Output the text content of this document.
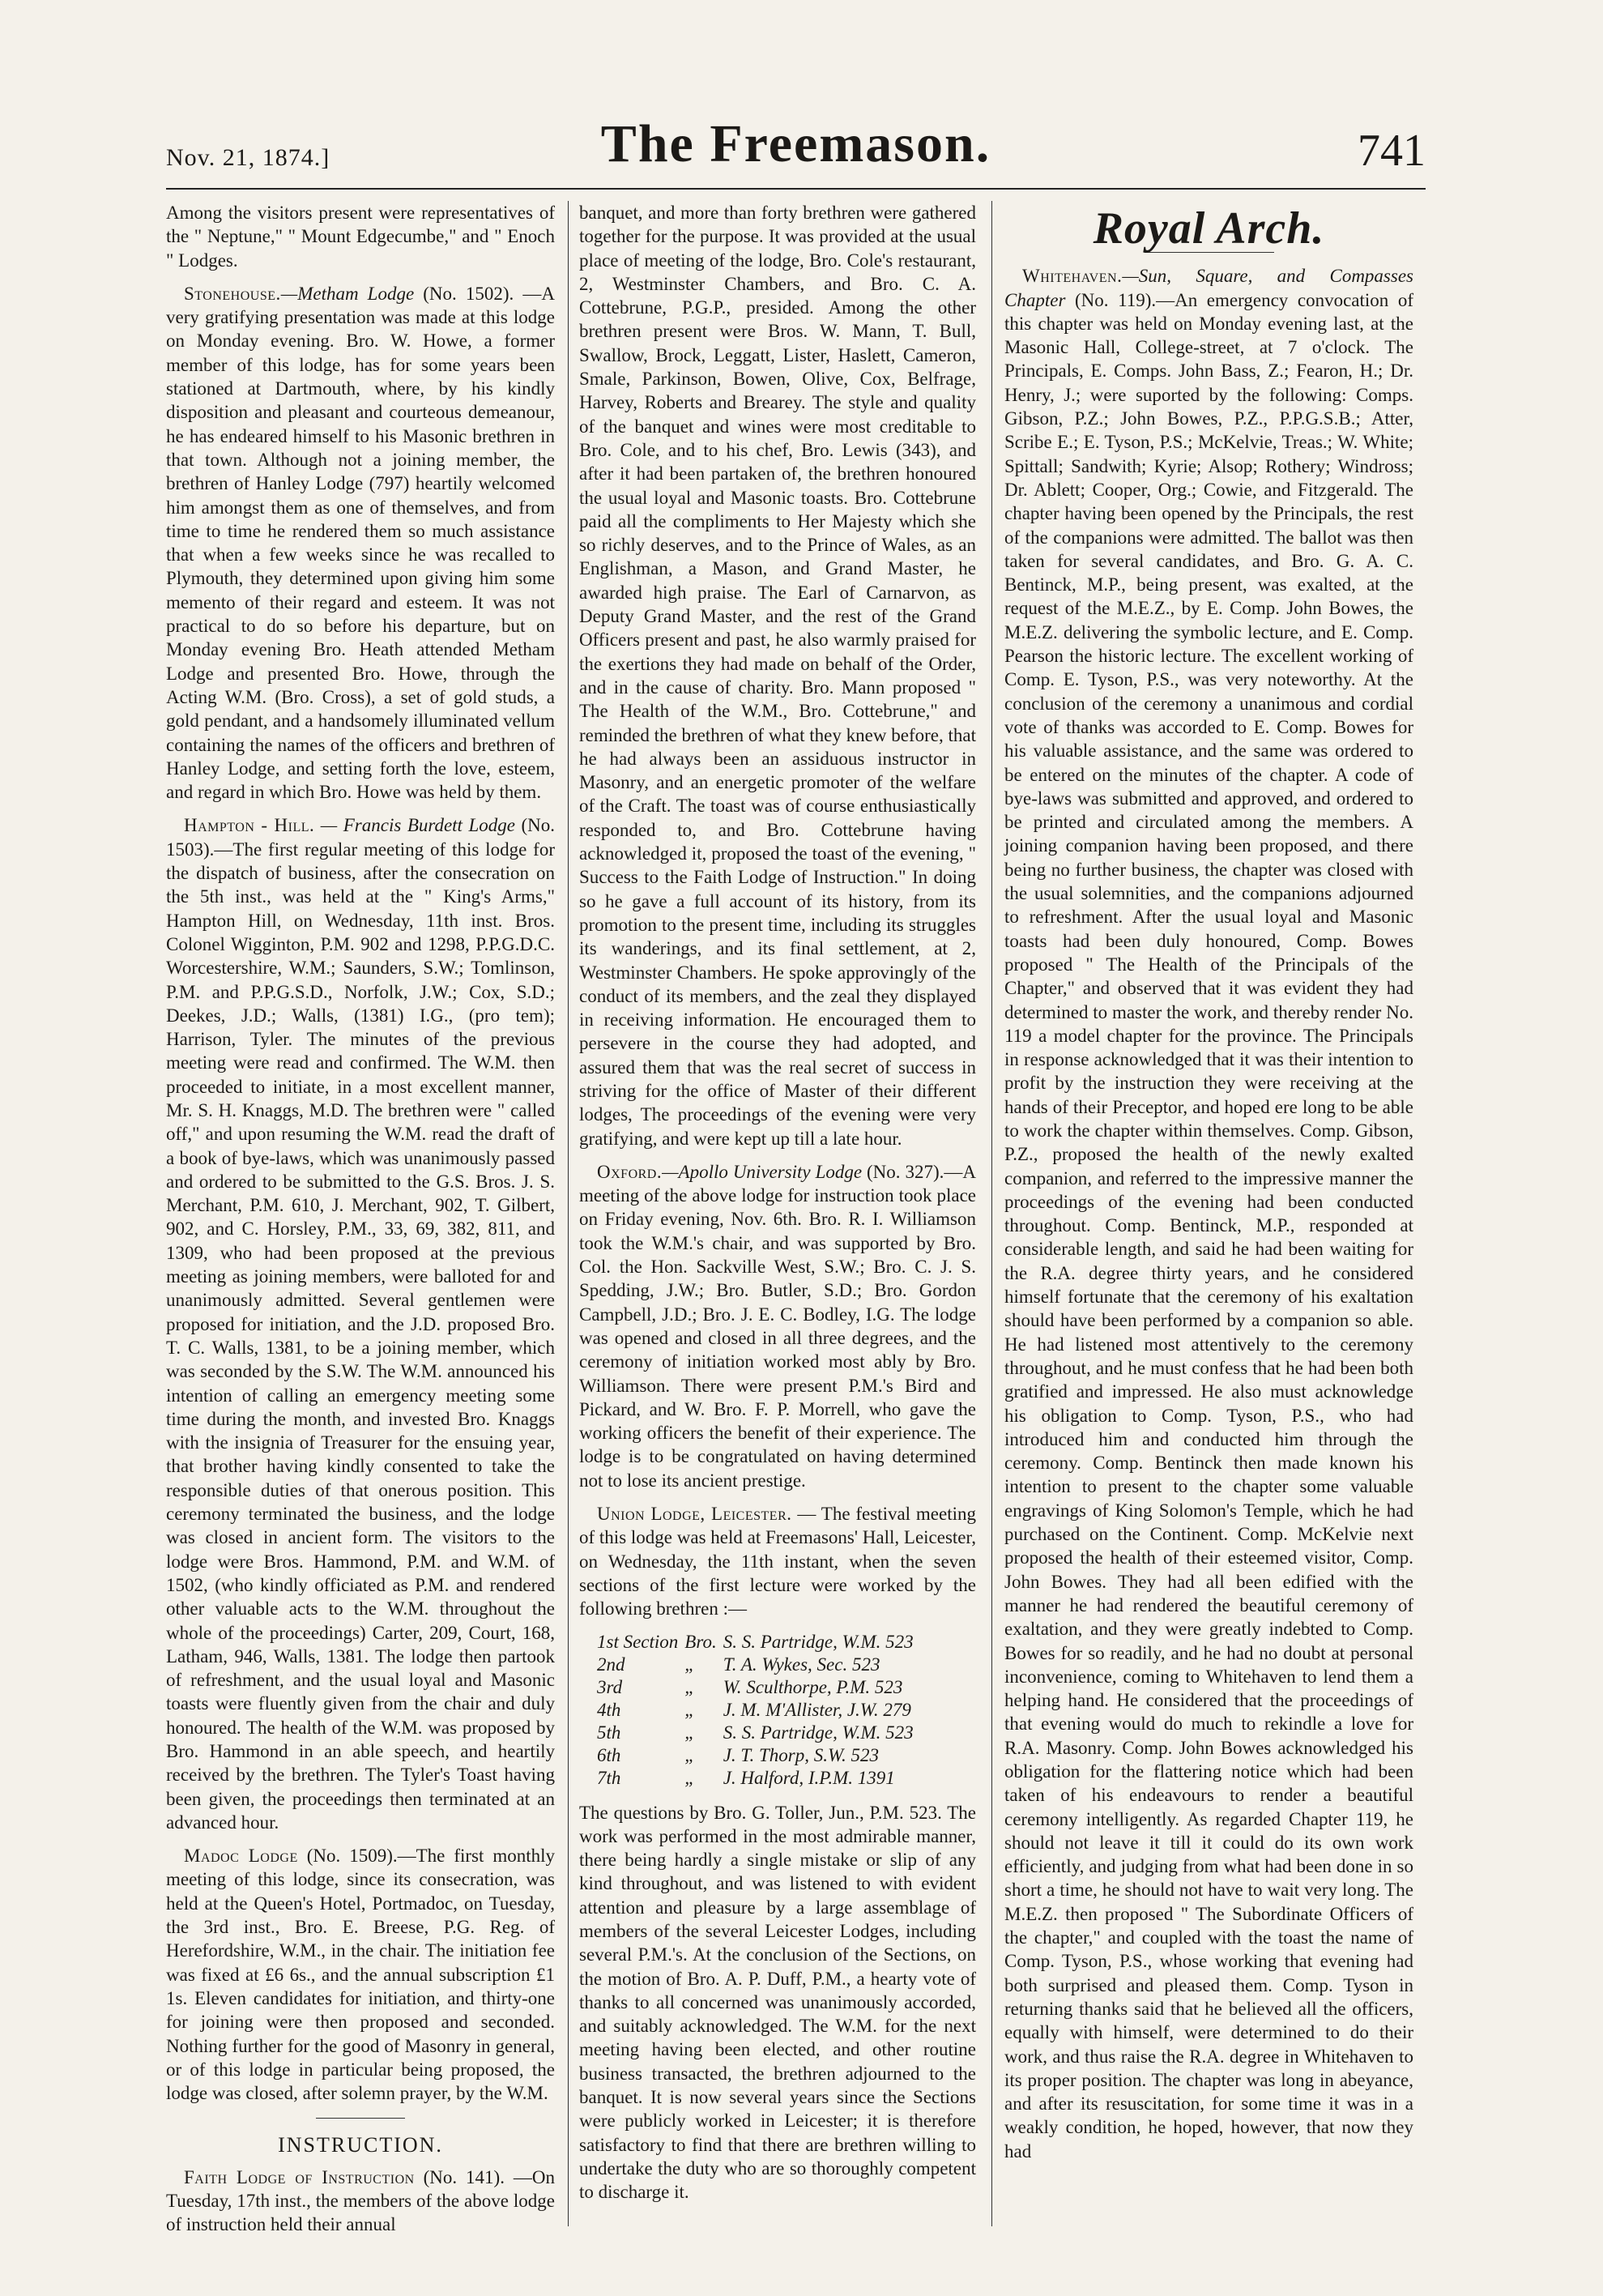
Nov. 21, 1874.]	The Freemason.	741

Among the visitors present were representatives of the " Neptune," " Mount Edgecumbe," and " Enoch " Lodges.

Stonehouse.—Metham Lodge (No. 1502). —A very gratifying presentation was made at this lodge on Monday evening. Bro. W. Howe, a former member of this lodge, has for some years been stationed at Dartmouth, where, by his kindly disposition and pleasant and courteous demeanour, he has endeared himself to his Masonic brethren in that town. Although not a joining member, the brethren of Hanley Lodge (797) heartily welcomed him amongst them as one of themselves, and from time to time he rendered them so much assistance that when a few weeks since he was recalled to Plymouth, they determined upon giving him some memento of their regard and esteem. It was not practical to do so before his departure, but on Monday evening Bro. Heath attended Metham Lodge and presented Bro. Howe, through the Acting W.M. (Bro. Cross), a set of gold studs, a gold pendant, and a handsomely illuminated vellum containing the names of the officers and brethren of Hanley Lodge, and setting forth the love, esteem, and regard in which Bro. Howe was held by them.

Hampton - Hill. — Francis Burdett Lodge (No. 1503).—The first regular meeting of this lodge for the dispatch of business, after the consecration on the 5th inst., was held at the " King's Arms," Hampton Hill, on Wednesday, 11th inst. Bros. Colonel Wigginton, P.M. 902 and 1298, P.P.G.D.C. Worcestershire, W.M.; Saunders, S.W.; Tomlinson, P.M. and P.P.G.S.D., Norfolk, J.W.; Cox, S.D.; Deekes, J.D.; Walls, (1381) I.G., (pro tem); Harrison, Tyler. The minutes of the previous meeting were read and confirmed. The W.M. then proceeded to initiate, in a most excellent manner, Mr. S. H. Knaggs, M.D. The brethren were " called off," and upon resuming the W.M. read the draft of a book of bye-laws, which was unanimously passed and ordered to be submitted to the G.S. Bros. J. S. Merchant, P.M. 610, J. Merchant, 902, T. Gilbert, 902, and C. Horsley, P.M., 33, 69, 382, 811, and 1309, who had been proposed at the previous meeting as joining members, were balloted for and unanimously admitted. Several gentlemen were proposed for initiation, and the J.D. proposed Bro. T. C. Walls, 1381, to be a joining member, which was seconded by the S.W. The W.M. announced his intention of calling an emergency meeting some time during the month, and invested Bro. Knaggs with the insignia of Treasurer for the ensuing year, that brother having kindly consented to take the responsible duties of that onerous position. This ceremony terminated the business, and the lodge was closed in ancient form. The visitors to the lodge were Bros. Hammond, P.M. and W.M. of 1502, (who kindly officiated as P.M. and rendered other valuable acts to the W.M. throughout the whole of the proceedings) Carter, 209, Court, 168, Latham, 946, Walls, 1381. The lodge then partook of refreshment, and the usual loyal and Masonic toasts were fluently given from the chair and duly honoured. The health of the W.M. was proposed by Bro. Hammond in an able speech, and heartily received by the brethren. The Tyler's Toast having been given, the proceedings then terminated at an advanced hour.

Madoc Lodge (No. 1509).—The first monthly meeting of this lodge, since its consecration, was held at the Queen's Hotel, Portmadoc, on Tuesday, the 3rd inst., Bro. E. Breese, P.G. Reg. of Herefordshire, W.M., in the chair. The initiation fee was fixed at £6 6s., and the annual subscription £1 1s. Eleven candidates for initiation, and thirty-one for joining were then proposed and seconded. Nothing further for the good of Masonry in general, or of this lodge in particular being proposed, the lodge was closed, after solemn prayer, by the W.M.

INSTRUCTION.

Faith Lodge of Instruction (No. 141). —On Tuesday, 17th inst., the members of the above lodge of instruction held their annual

banquet, and more than forty brethren were gathered together for the purpose. It was provided at the usual place of meeting of the lodge, Bro. Cole's restaurant, 2, Westminster Chambers, and Bro. C. A. Cottebrune, P.G.P., presided. Among the other brethren present were Bros. W. Mann, T. Bull, Swallow, Brock, Leggatt, Lister, Haslett, Cameron, Smale, Parkinson, Bowen, Olive, Cox, Belfrage, Harvey, Roberts and Brearey. The style and quality of the banquet and wines were most creditable to Bro. Cole, and to his chef, Bro. Lewis (343), and after it had been partaken of, the brethren honoured the usual loyal and Masonic toasts. Bro. Cottebrune paid all the compliments to Her Majesty which she so richly deserves, and to the Prince of Wales, as an Englishman, a Mason, and Grand Master, he awarded high praise. The Earl of Carnarvon, as Deputy Grand Master, and the rest of the Grand Officers present and past, he also warmly praised for the exertions they had made on behalf of the Order, and in the cause of charity. Bro. Mann proposed " The Health of the W.M., Bro. Cottebrune," and reminded the brethren of what they knew before, that he had always been an assiduous instructor in Masonry, and an energetic promoter of the welfare of the Craft. The toast was of course enthusiastically responded to, and Bro. Cottebrune having acknowledged it, proposed the toast of the evening, " Success to the Faith Lodge of Instruction." In doing so he gave a full account of its history, from its promotion to the present time, including its struggles its wanderings, and its final settlement, at 2, Westminster Chambers. He spoke approvingly of the conduct of its members, and the zeal they displayed in receiving information. He encouraged them to persevere in the course they had adopted, and assured them that was the real secret of success in striving for the office of Master of their different lodges, The proceedings of the evening were very gratifying, and were kept up till a late hour.

Oxford.—Apollo University Lodge (No. 327).—A meeting of the above lodge for instruction took place on Friday evening, Nov. 6th. Bro. R. I. Williamson took the W.M.'s chair, and was supported by Bro. Col. the Hon. Sackville West, S.W.; Bro. C. J. S. Spedding, J.W.; Bro. Butler, S.D.; Bro. Gordon Campbell, J.D.; Bro. J. E. C. Bodley, I.G. The lodge was opened and closed in all three degrees, and the ceremony of initiation worked most ably by Bro. Williamson. There were present P.M.'s Bird and Pickard, and W. Bro. F. P. Morrell, who gave the working officers the benefit of their experience. The lodge is to be congratulated on having determined not to lose its ancient prestige.

Union Lodge, Leicester. — The festival meeting of this lodge was held at Freemasons' Hall, Leicester, on Wednesday, the 11th instant, when the seven sections of the first lecture were worked by the following brethren :—

1st Section	Bro.	S. S. Partridge, W.M. 523
2nd	„	T. A. Wykes, Sec. 523
3rd	„	W. Sculthorpe, P.M. 523
4th	„	J. M. M'Allister, J.W. 279
5th	„	S. S. Partridge, W.M. 523
6th	„	J. T. Thorp, S.W. 523
7th	„	J. Halford, I.P.M. 1391

The questions by Bro. G. Toller, Jun., P.M. 523. The work was performed in the most admirable manner, there being hardly a single mistake or slip of any kind throughout, and was listened to with evident attention and pleasure by a large assemblage of members of the several Leicester Lodges, including several P.M.'s. At the conclusion of the Sections, on the motion of Bro. A. P. Duff, P.M., a hearty vote of thanks to all concerned was unanimously accorded, and suitably acknowledged. The W.M. for the next meeting having been elected, and other routine business transacted, the brethren adjourned to the banquet. It is now several years since the Sections were publicly worked in Leicester; it is therefore satisfactory to find that there are brethren willing to undertake the duty who are so thoroughly competent to discharge it.

Royal Arch.

Whitehaven.—Sun, Square, and Compasses Chapter (No. 119).—An emergency convocation of this chapter was held on Monday evening last, at the Masonic Hall, College-street, at 7 o'clock. The Principals, E. Comps. John Bass, Z.; Fearon, H.; Dr. Henry, J.; were suported by the following: Comps. Gibson, P.Z.; John Bowes, P.Z., P.P.G.S.B.; Atter, Scribe E.; E. Tyson, P.S.; McKelvie, Treas.; W. White; Spittall; Sandwith; Kyrie; Alsop; Rothery; Windross; Dr. Ablett; Cooper, Org.; Cowie, and Fitzgerald. The chapter having been opened by the Principals, the rest of the companions were admitted. The ballot was then taken for several candidates, and Bro. G. A. C. Bentinck, M.P., being present, was exalted, at the request of the M.E.Z., by E. Comp. John Bowes, the M.E.Z. delivering the symbolic lecture, and E. Comp. Pearson the historic lecture. The excellent working of Comp. E. Tyson, P.S., was very noteworthy. At the conclusion of the ceremony a unanimous and cordial vote of thanks was accorded to E. Comp. Bowes for his valuable assistance, and the same was ordered to be entered on the minutes of the chapter. A code of bye-laws was submitted and approved, and ordered to be printed and circulated among the members. A joining companion having been proposed, and there being no further business, the chapter was closed with the usual solemnities, and the companions adjourned to refreshment. After the usual loyal and Masonic toasts had been duly honoured, Comp. Bowes proposed " The Health of the Principals of the Chapter," and observed that it was evident they had determined to master the work, and thereby render No. 119 a model chapter for the province. The Principals in response acknowledged that it was their intention to profit by the instruction they were receiving at the hands of their Preceptor, and hoped ere long to be able to work the chapter within themselves. Comp. Gibson, P.Z., proposed the health of the newly exalted companion, and referred to the impressive manner the proceedings of the evening had been conducted throughout. Comp. Bentinck, M.P., responded at considerable length, and said he had been waiting for the R.A. degree thirty years, and he considered himself fortunate that the ceremony of his exaltation should have been performed by a companion so able. He had listened most attentively to the ceremony throughout, and he must confess that he had been both gratified and impressed. He also must acknowledge his obligation to Comp. Tyson, P.S., who had introduced him and conducted him through the ceremony. Comp. Bentinck then made known his intention to present to the chapter some valuable engravings of King Solomon's Temple, which he had purchased on the Continent. Comp. McKelvie next proposed the health of their esteemed visitor, Comp. John Bowes. They had all been edified with the manner he had rendered the beautiful ceremony of exaltation, and they were greatly indebted to Comp. Bowes for so readily, and he had no doubt at personal inconvenience, coming to Whitehaven to lend them a helping hand. He considered that the proceedings of that evening would do much to rekindle a love for R.A. Masonry. Comp. John Bowes acknowledged his obligation for the flattering notice which had been taken of his endeavours to render a beautiful ceremony intelligently. As regarded Chapter 119, he should not leave it till it could do its own work efficiently, and judging from what had been done in so short a time, he should not have to wait very long. The M.E.Z. then proposed " The Subordinate Officers of the chapter," and coupled with the toast the name of Comp. Tyson, P.S., whose working that evening had both surprised and pleased them. Comp. Tyson in returning thanks said that he believed all the officers, equally with himself, were determined to do their work, and thus raise the R.A. degree in Whitehaven to its proper position. The chapter was long in abeyance, and after its resuscitation, for some time it was in a weakly condition, he hoped, however, that now they had
